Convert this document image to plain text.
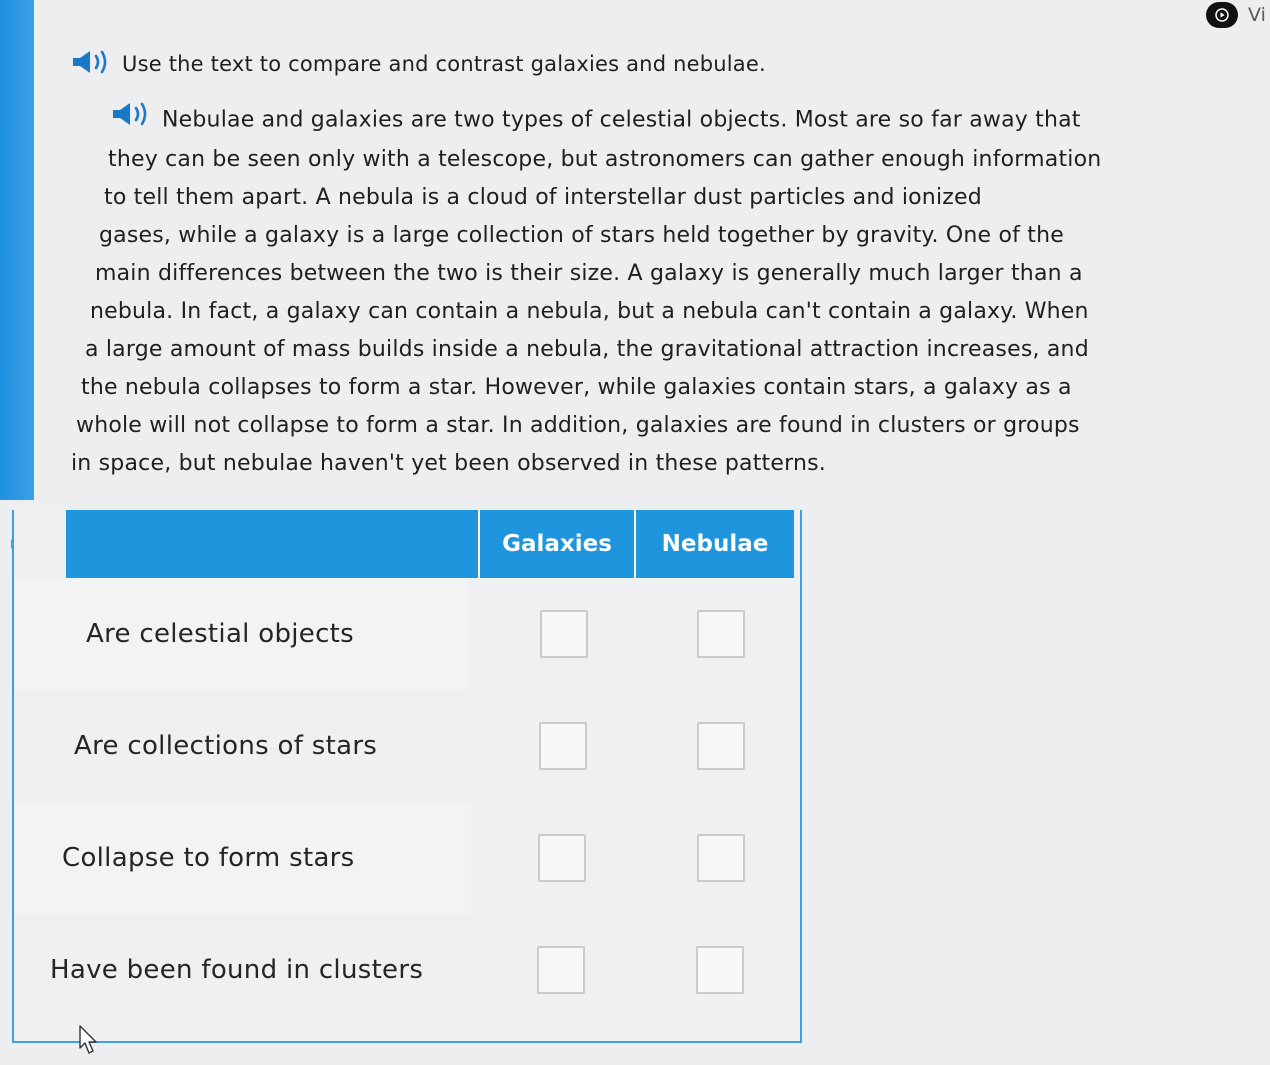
Vi
Use the text to compare and contrast galaxies and nebulae.
Nebulae and galaxies are two types of celestial objects. Most are so far away that
they can be seen only with a telescope, but astronomers can gather enough information
to tell them apart. A nebula is a cloud of interstellar dust particles and ionized
gases, while a galaxy is a large collection of stars held together by gravity. One of the
main differences between the two is their size. A galaxy is generally much larger than a
nebula. In fact, a galaxy can contain a nebula, but a nebula can't contain a galaxy. When
a large amount of mass builds inside a nebula, the gravitational attraction increases, and
the nebula collapses to form a star. However, while galaxies contain stars, a galaxy as a
whole will not collapse to form a star. In addition, galaxies are found in clusters or groups
in space, but nebulae haven't yet been observed in these patterns.
Galaxies	Nebulae
Are celestial objects
Are collections of stars
Collapse to form stars
Have been found in clusters
